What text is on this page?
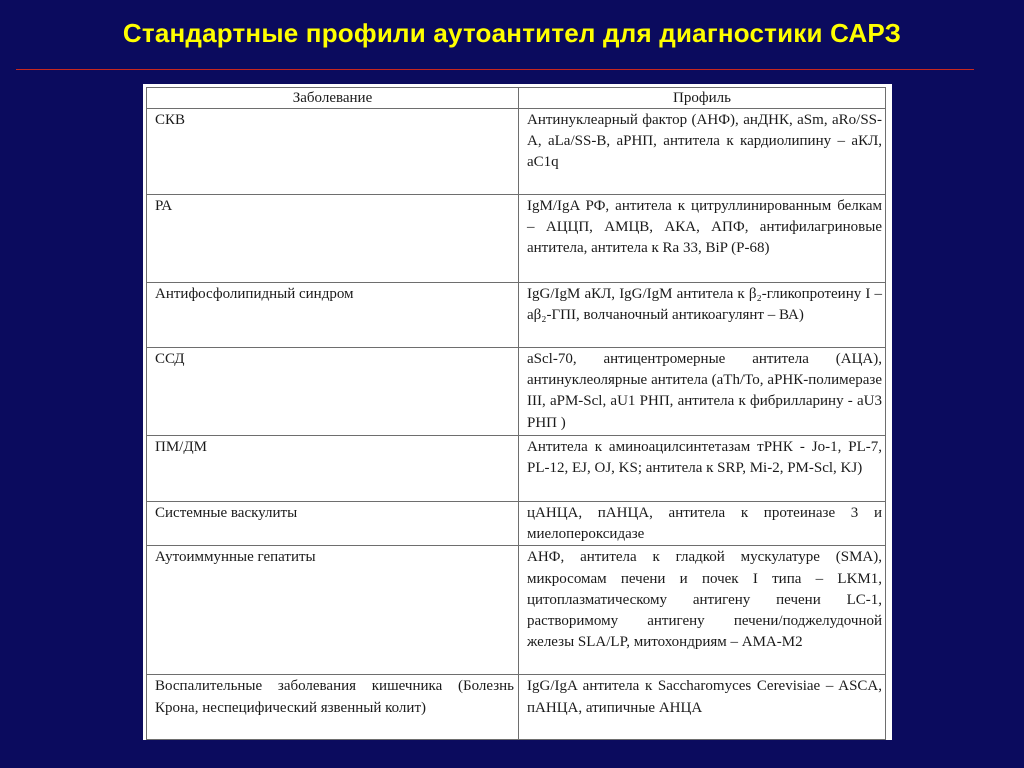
Стандартные профили аутоантител для диагностики САРЗ
Заболевание	Профиль
СКВ	Антинуклеарный фактор (АНФ), анДНК, aSm, aRo/SS-A, aLa/SS-B, аРНП, антитела к кардиолипину – аКЛ, aC1q
РА	IgM/IgA РФ, антитела к цитруллинированным белкам – АЦЦП, АМЦВ, АКА, АПФ, антифилагриновые антитела, антитела к Ra 33, BiP (P-68)
Антифосфолипидный синдром	IgG/IgM аКЛ, IgG/IgM антитела к β₂-гликопротеину I – aβ₂-ГПI, волчаночный антикоагулянт – ВА)
ССД	aScl-70, антицентромерные антитела (АЦА), антинуклеолярные антитела (aTh/To, аРНК-полимеразе III, aPM-Scl, aU1 РНП, антитела к фибрилларину - aU3 РНП )
ПМ/ДМ	Антитела к аминоацилсинтетазам тРНК - Jo-1, PL-7, PL-12, EJ, OJ, KS; антитела к SRP, Mi-2, PM-Scl, KJ)
Системные васкулиты	цАНЦА, пАНЦА, антитела к протеиназе 3 и миелопероксидазе
Аутоиммунные гепатиты	АНФ, антитела к гладкой мускулатуре (SMA), микросомам печени и почек I типа – LKM1, цитоплазматическому антигену печени LC-1, растворимому антигену печени/поджелудочной железы SLA/LP, митохондриям – АМА-М2
Воспалительные заболевания кишечника (Болезнь Крона, неспецифический язвенный колит)	IgG/IgA антитела к Saccharomyces Cerevisiae – ASCA, пАНЦА, атипичные АНЦА
